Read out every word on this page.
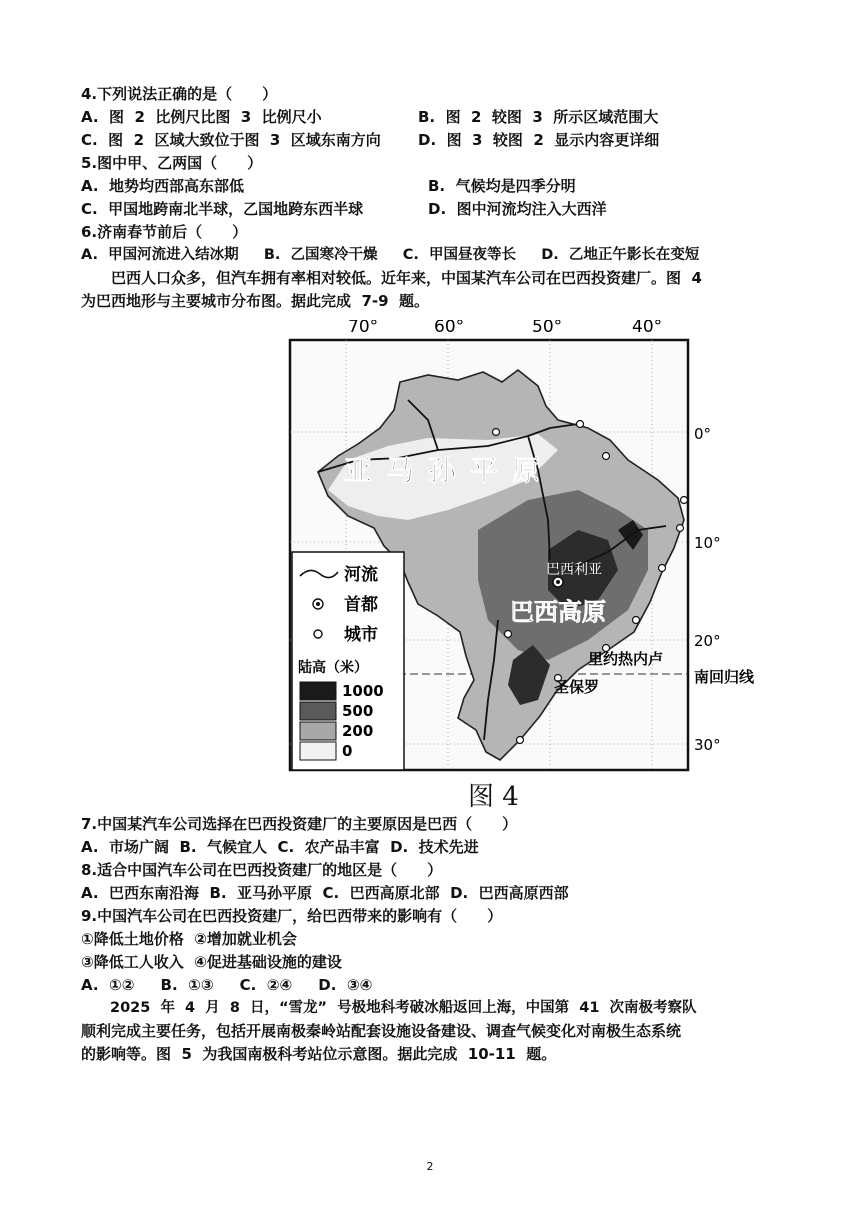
4.下列说法正确的是（　　）
A.  图  2  比例尺比图  3  比例尺小	B.  图  2  较图  3  所示区域范围大
C.  图  2  区域大致位于图  3  区域东南方向 D.  图  3  较图  2  显示内容更详细
5.图中甲、乙两国（　　）
A.  地势均西部高东部低	B.  气候均是四季分明
C.  甲国地跨南北半球，乙国地跨东西半球	D.  图中河流均注入大西洋
6.济南春节前后（　　）
A.  甲国河流进入结冰期     B.  乙国寒冷干燥     C.  甲国昼夜等长     D.  乙地正午影长在变短
　　巴西人口众多，但汽车拥有率相对较低。近年来，中国某汽车公司在巴西投资建厂。图  4
为巴西地形与主要城市分布图。据此完成  7-9  题。
70°	60°	50°	40°
0°
10°
20°
30°
南回归线
亚马孙平原
巴西高原
巴西利亚
里约热内卢
圣保罗
河流
首都
城市
陆高（米）
1000
500
200
0
图 4
7.中国某汽车公司选择在巴西投资建厂的主要原因是巴西（　　）
A.  市场广阔  B.  气候宜人  C.  农产品丰富  D.  技术先进
8.适合中国汽车公司在巴西投资建厂的地区是（　　）
A.  巴西东南沿海  B.  亚马孙平原  C.  巴西高原北部  D.  巴西高原西部
9.中国汽车公司在巴西投资建厂，给巴西带来的影响有（　　）
①降低土地价格  ②增加就业机会
③降低工人收入  ④促进基础设施的建设
A.  ①②     B.  ①③     C.  ②④     D.  ③④
　　2025  年  4  月  8  日，“雪龙”  号极地科考破冰船返回上海，中国第  41  次南极考察队
顺利完成主要任务，包括开展南极秦岭站配套设施设备建设、调查气候变化对南极生态系统
的影响等。图  5  为我国南极科考站位示意图。据此完成  10-11  题。
2
